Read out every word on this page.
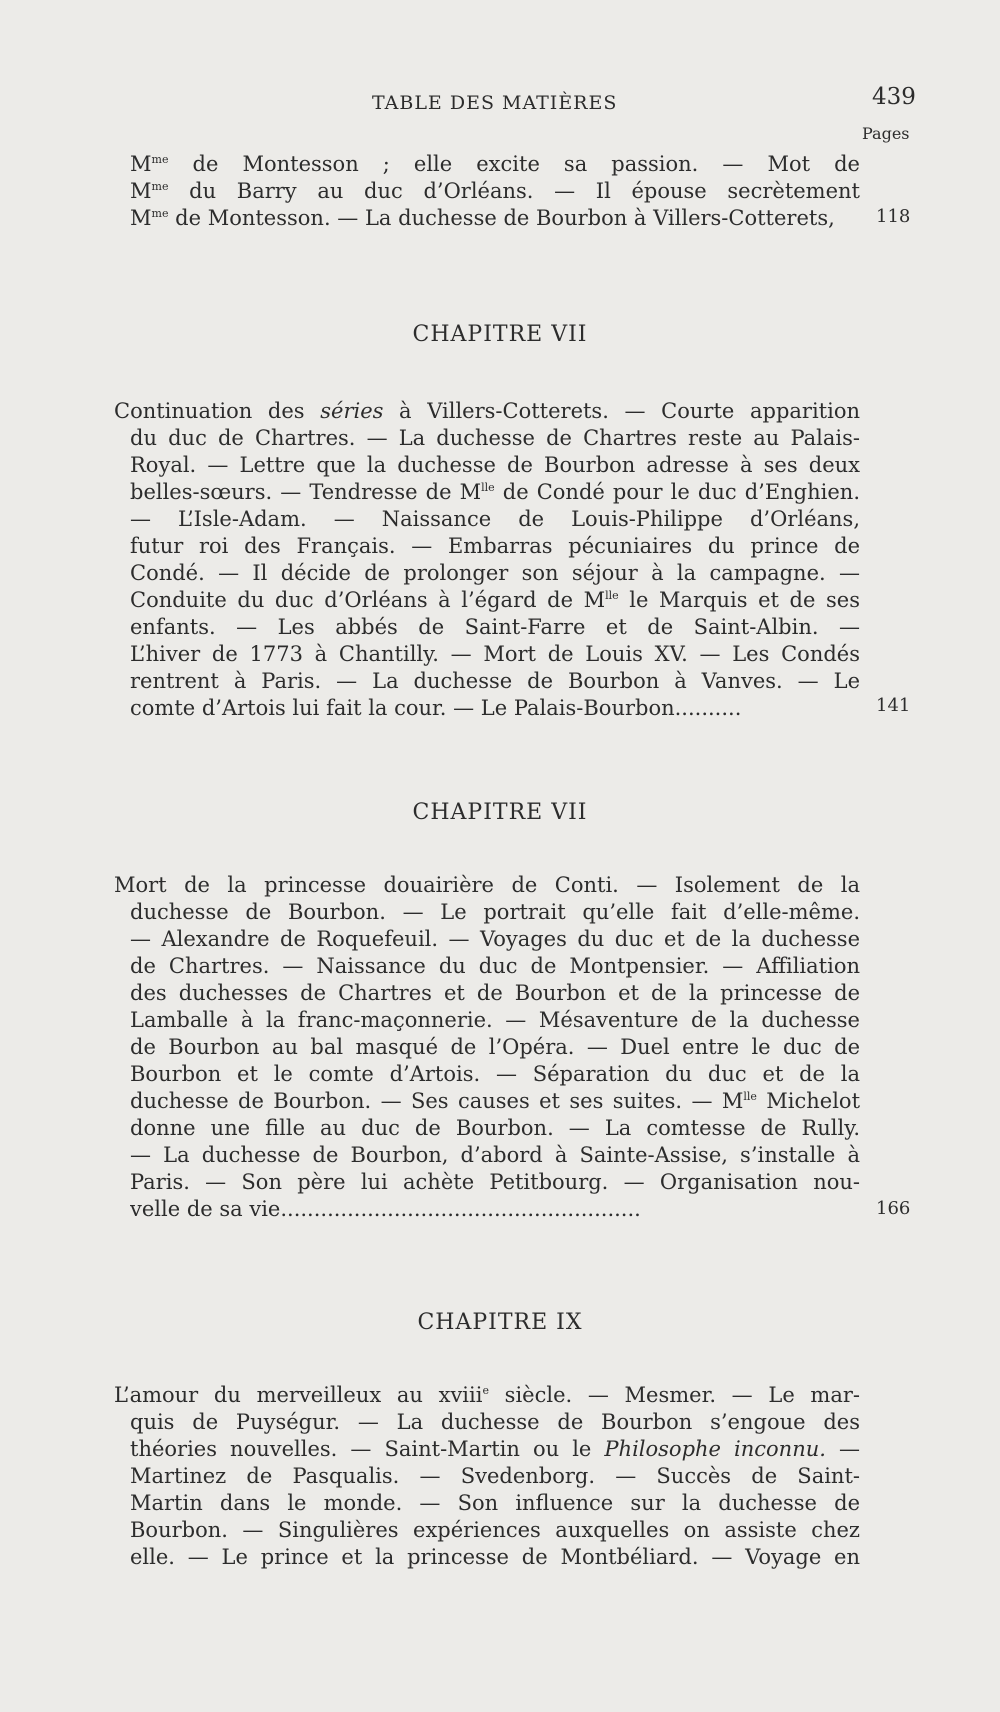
TABLE DES MATIÈRES	439
Pages
$M^{me}$ de Montesson ; elle excite sa passion. — Mot de
$M^{me}$ du Barry au duc d’Orléans. — Il épouse secrètement
$M^{me}$ de Montesson. — La duchesse de Bourbon à Villers-Cotterets,	118
CHAPITRE VII
Continuation des séries à Villers-Cotterets. — Courte apparition
du duc de Chartres. — La duchesse de Chartres reste au Palais-
Royal. — Lettre que la duchesse de Bourbon adresse à ses deux
belles-sœurs. — Tendresse de $M^{lle}$ de Condé pour le duc d’Enghien.
— L’Isle-Adam. — Naissance de Louis-Philippe d’Orléans,
futur roi des Français. — Embarras pécuniaires du prince de
Condé. — Il décide de prolonger son séjour à la campagne. —
Conduite du duc d’Orléans à l’égard de $M^{lle}$ le Marquis et de ses
enfants. — Les abbés de Saint-Farre et de Saint-Albin. —
L’hiver de 1773 à Chantilly. — Mort de Louis XV. — Les Condés
rentrent à Paris. — La duchesse de Bourbon à Vanves. — Le
comte d’Artois lui fait la cour. — Le Palais-Bourbon..........	141
CHAPITRE VII
Mort de la princesse douairière de Conti. — Isolement de la
duchesse de Bourbon. — Le portrait qu’elle fait d’elle-même.
— Alexandre de Roquefeuil. — Voyages du duc et de la duchesse
de Chartres. — Naissance du duc de Montpensier. — Affiliation
des duchesses de Chartres et de Bourbon et de la princesse de
Lamballe à la franc-maçonnerie. — Mésaventure de la duchesse
de Bourbon au bal masqué de l’Opéra. — Duel entre le duc de
Bourbon et le comte d’Artois. — Séparation du duc et de la
duchesse de Bourbon. — Ses causes et ses suites. — $M^{lle}$ Michelot
donne une fille au duc de Bourbon. — La comtesse de Rully.
— La duchesse de Bourbon, d’abord à Sainte-Assise, s’installe à
Paris. — Son père lui achète Petitbourg. — Organisation nou-
velle de sa vie......................................................	166
CHAPITRE IX
L’amour du merveilleux au xviii$^e$ siècle. — Mesmer. — Le mar-
quis de Puységur. — La duchesse de Bourbon s’engoue des
théories nouvelles. — Saint-Martin ou le Philosophe inconnu. —
Martinez de Pasqualis. — Svedenborg. — Succès de Saint-
Martin dans le monde. — Son influence sur la duchesse de
Bourbon. — Singulières expériences auxquelles on assiste chez
elle. — Le prince et la princesse de Montbéliard. — Voyage en
